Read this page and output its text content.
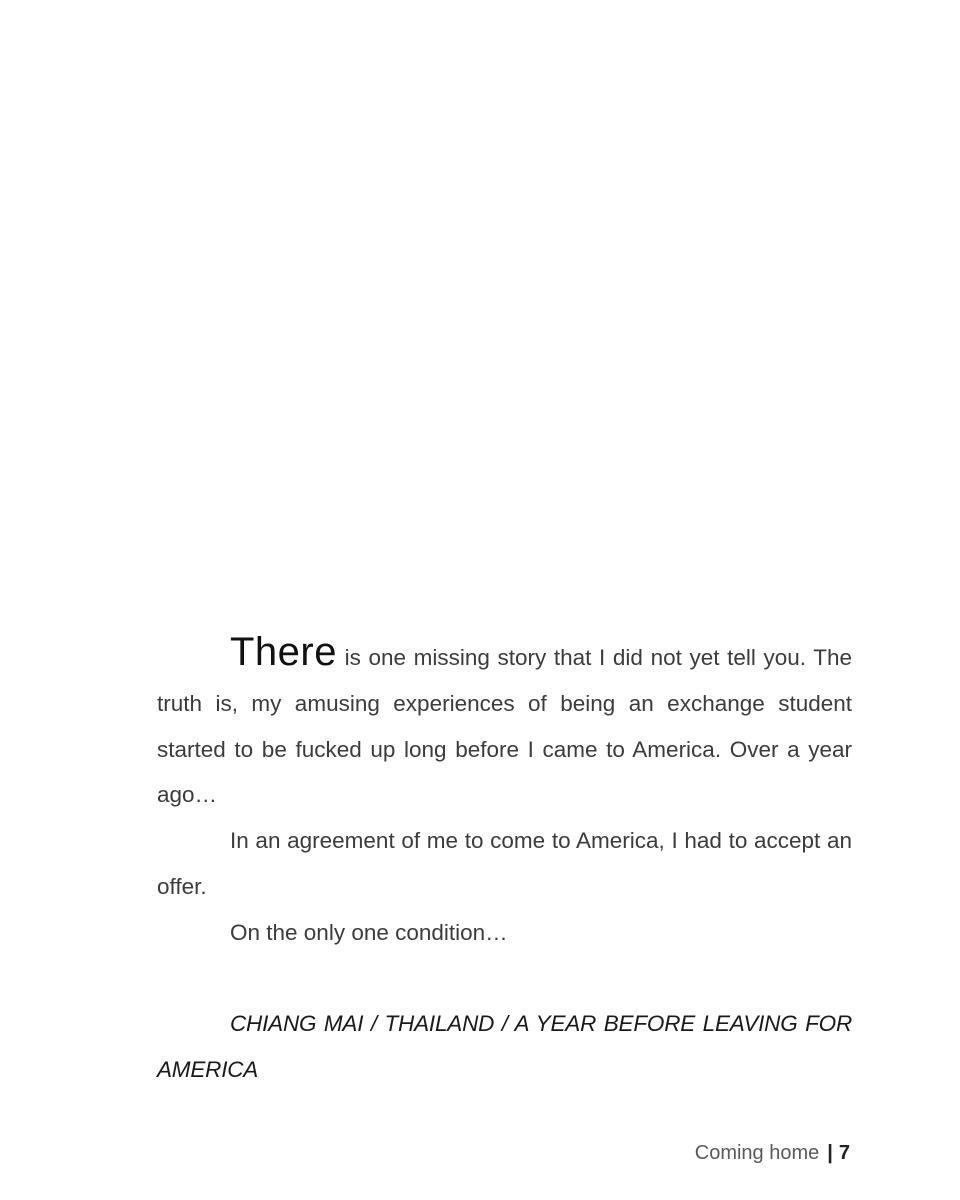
There is one missing story that I did not yet tell you. The truth is, my amusing experiences of being an exchange student started to be fucked up long before I came to America. Over a year ago…

In an agreement of me to come to America, I had to accept an offer.

On the only one condition…

CHIANG MAI / THAILAND / A YEAR BEFORE LEAVING FOR AMERICA

Coming home | 7
